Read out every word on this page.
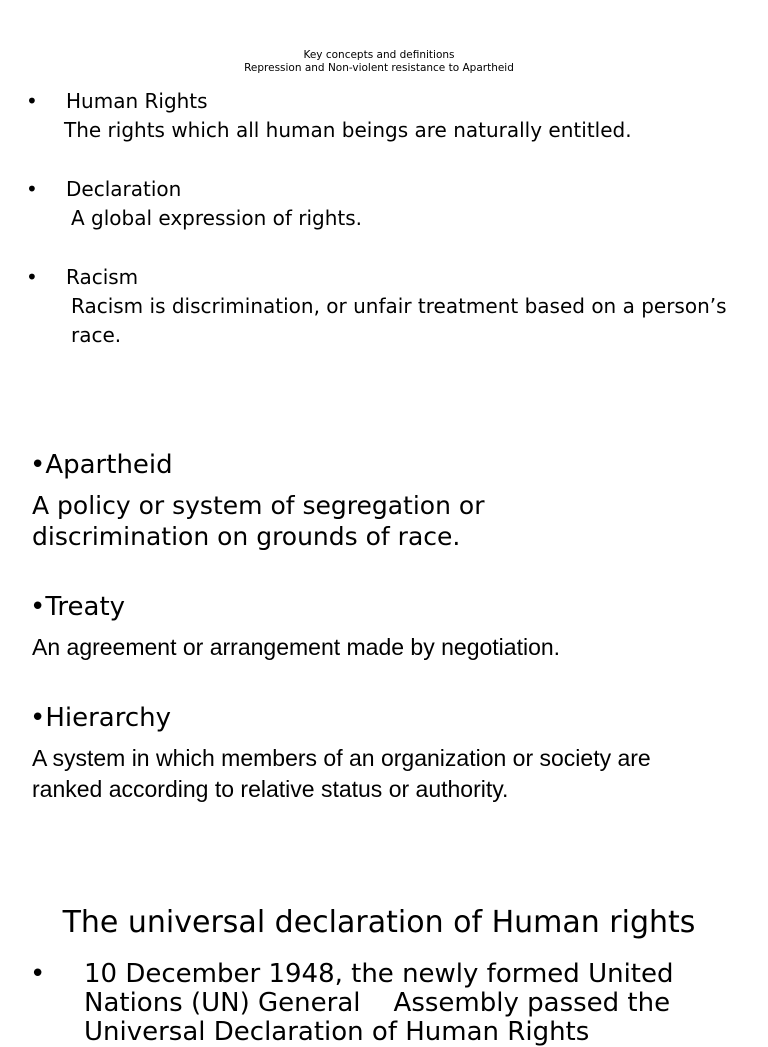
Key concepts and definitions
Repression and Non-violent resistance to Apartheid
• Human Rights
The rights which all human beings are naturally entitled.
• Declaration
A global expression of rights.
• Racism
Racism is discrimination, or unfair treatment based on a person’s race.
•Apartheid
A policy or system of segregation or discrimination on grounds of race.
•Treaty
An agreement or arrangement made by negotiation.
•Hierarchy
A system in which members of an organization or society are ranked according to relative status or authority.
The universal declaration of Human rights
• 10 December 1948, the newly formed United Nations (UN) General    Assembly passed the Universal Declaration of Human Rights
